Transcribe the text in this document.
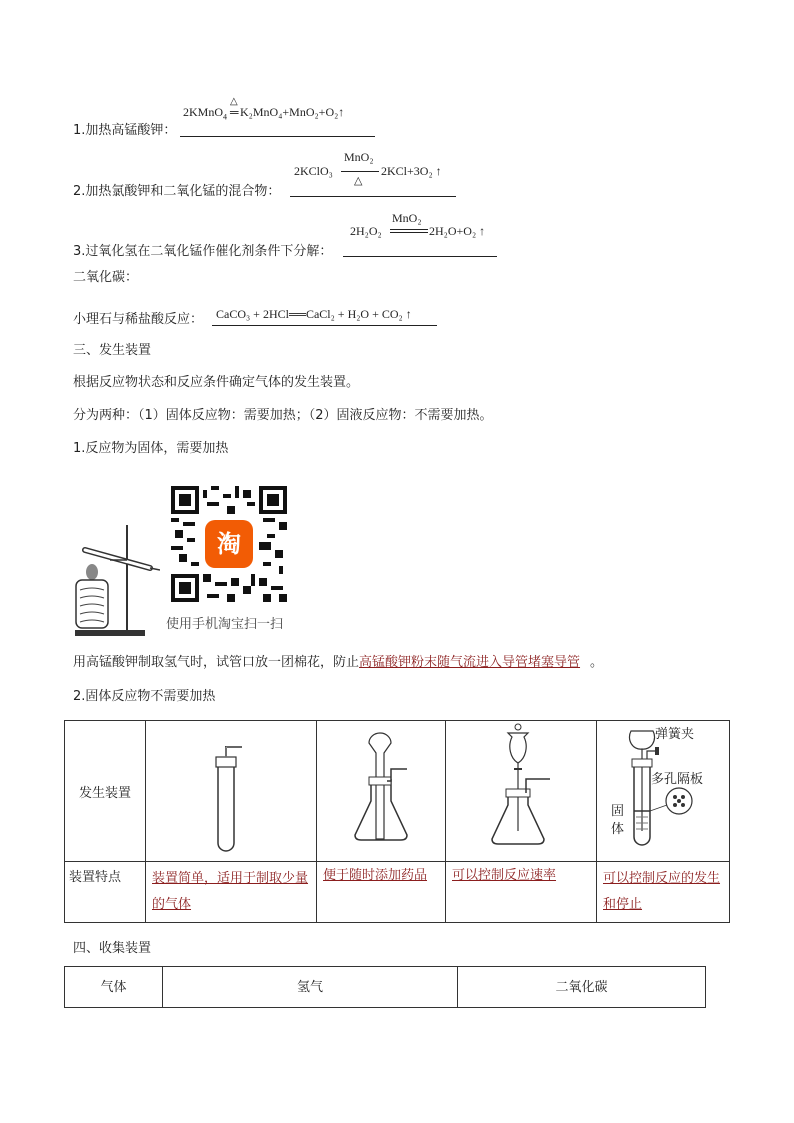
2KMnO$_4$
△
═K₂MnO₄+MnO₂+O₂↑
1.加热高锰酸钾：
MnO₂
2KClO₃
△
2KCl+3O₂ ↑
2.加热氯酸钾和二氧化锰的混合物：
MnO₂
2H₂O₂	2H₂O+O₂ ↑
3.过氧化氢在二氧化锰作催化剂条件下分解：
二氧化碳：
小理石与稀盐酸反应： CaCO₃ + 2HCl══CaCl₂ + H₂O + CO₂ ↑
三、发生装置
根据反应物状态和反应条件确定气体的发生装置。
分为两种：（1）固体反应物：需要加热；（2）固液反应物：不需要加热。
1.反应物为固体，需要加热
淘
使用手机淘宝扫一扫
用高锰酸钾制取氢气时，试管口放一团棉花，防止高锰酸钾粉末随气流进入导管堵塞导管 。
2.固体反应物不需要加热
发生装置				弹簧夹
多孔隔板
固体

装置特点	装置简单，适用于制取少量的气体	便于随时添加药品	可以控制反应速率	可以控制反应的发生和停止
四、收集装置
气体	氢气	二氧化碳
